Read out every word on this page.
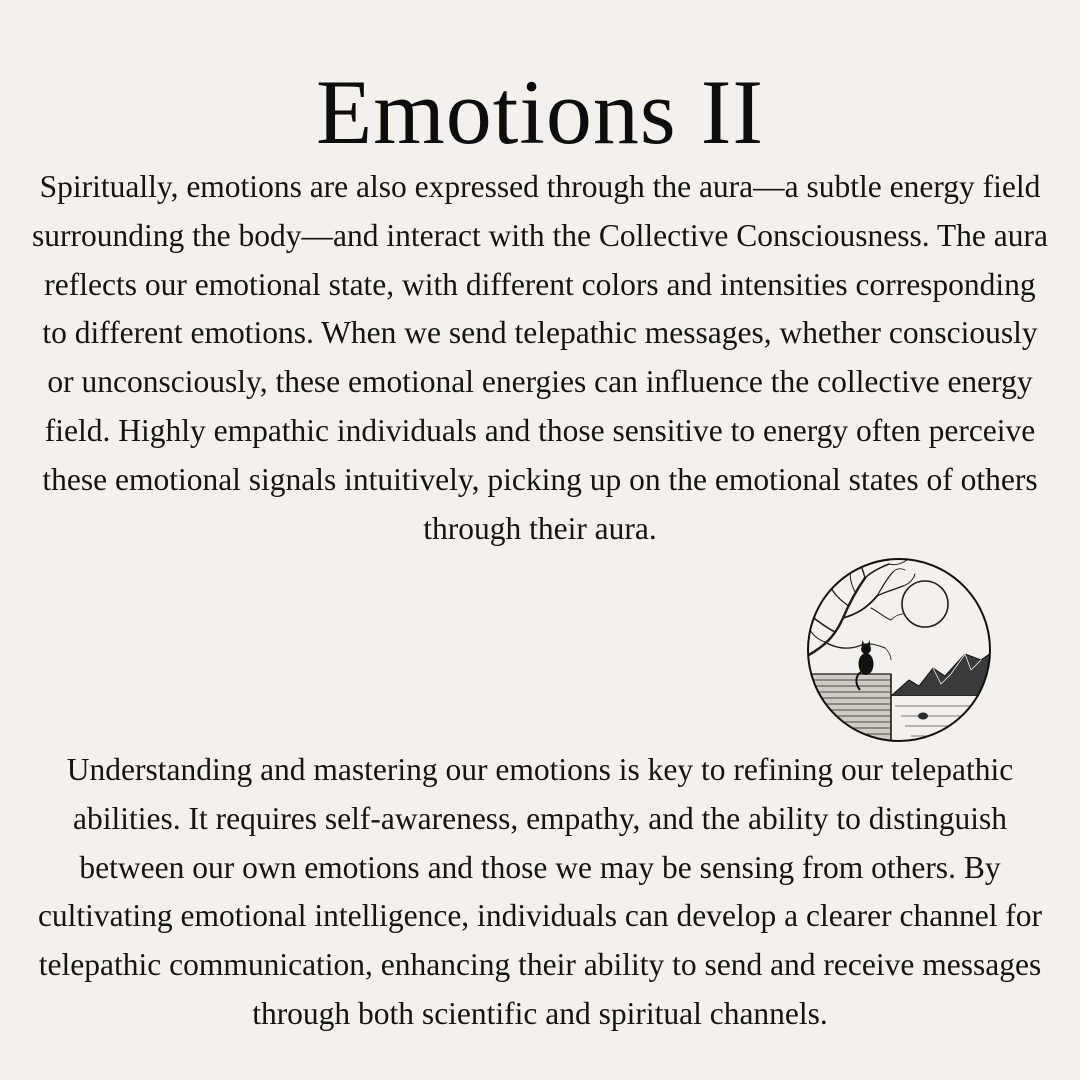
Emotions II
Spiritually, emotions are also expressed through the aura—a subtle energy field surrounding the body—and interact with the Collective Consciousness. The aura reflects our emotional state, with different colors and intensities corresponding to different emotions. When we send telepathic messages, whether consciously or unconsciously, these emotional energies can influence the collective energy field. Highly empathic individuals and those sensitive to energy often perceive these emotional signals intuitively, picking up on the emotional states of others through their aura.
Understanding and mastering our emotions is key to refining our telepathic abilities. It requires self-awareness, empathy, and the ability to distinguish between our own emotions and those we may be sensing from others. By cultivating emotional intelligence, individuals can develop a clearer channel for telepathic communication, enhancing their ability to send and receive messages through both scientific and spiritual channels.
